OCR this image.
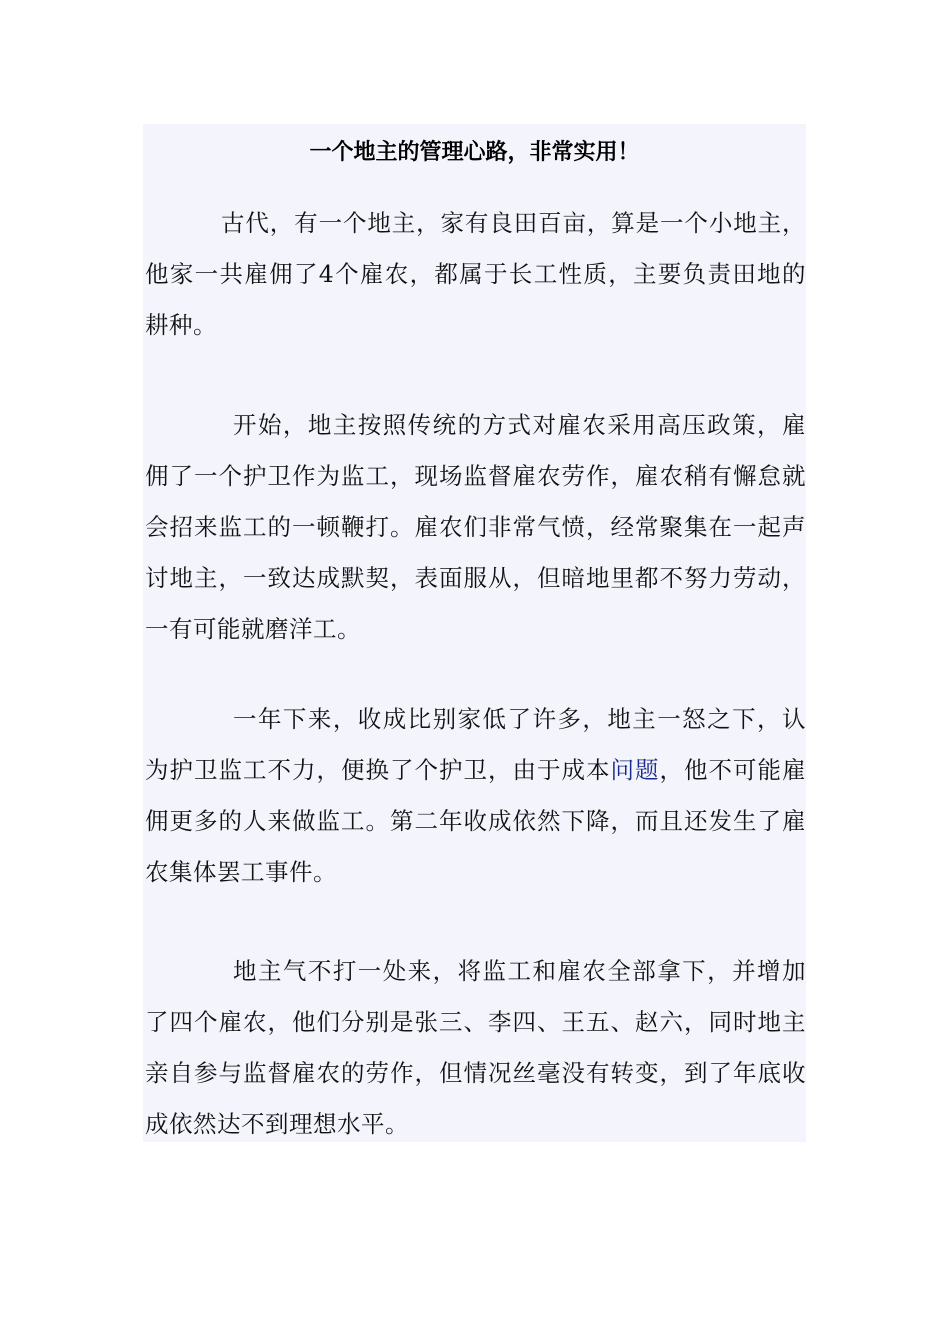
一个地主的管理心路，非常实用！

古代，有一个地主，家有良田百亩，算是一个小地主，他家一共雇佣了4个雇农，都属于长工性质，主要负责田地的耕种。

开始，地主按照传统的方式对雇农采用高压政策，雇佣了一个护卫作为监工，现场监督雇农劳作，雇农稍有懈怠就会招来监工的一顿鞭打。雇农们非常气愤，经常聚集在一起声讨地主，一致达成默契，表面服从，但暗地里都不努力劳动，一有可能就磨洋工。

一年下来，收成比别家低了许多，地主一怒之下，认为护卫监工不力，便换了个护卫，由于成本问题，他不可能雇佣更多的人来做监工。第二年收成依然下降，而且还发生了雇农集体罢工事件。

地主气不打一处来，将监工和雇农全部拿下，并增加了四个雇农，他们分别是张三、李四、王五、赵六，同时地主亲自参与监督雇农的劳作，但情况丝毫没有转变，到了年底收成依然达不到理想水平。
